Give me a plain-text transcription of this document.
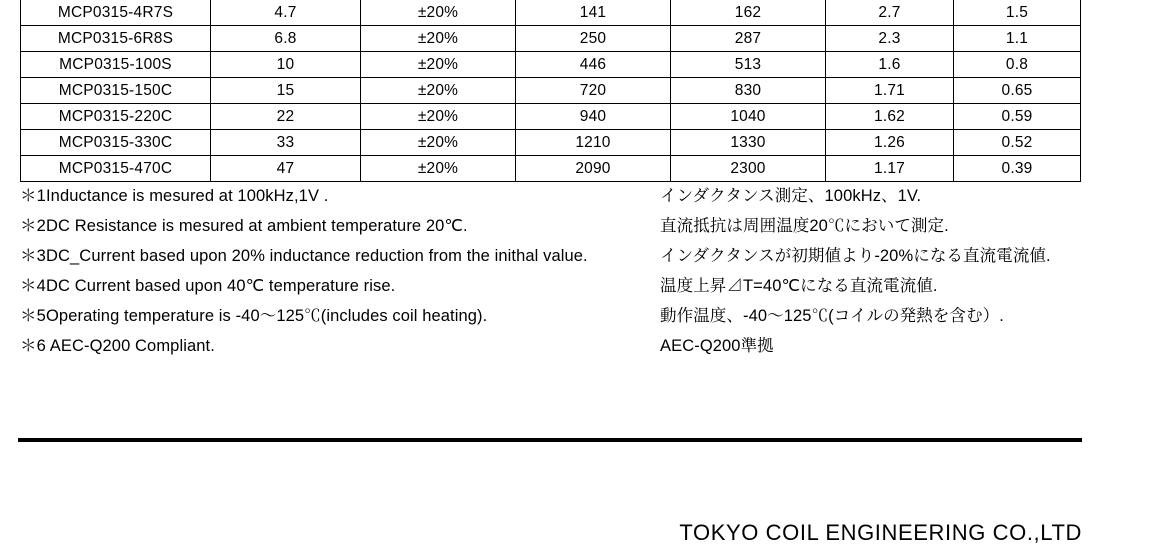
MCP0315-4R7S	4.7	±20%	141	162	2.7	1.5
MCP0315-6R8S	6.8	±20%	250	287	2.3	1.1
MCP0315-100S	10	±20%	446	513	1.6	0.8
MCP0315-150C	15	±20%	720	830	1.71	0.65
MCP0315-220C	22	±20%	940	1040	1.62	0.59
MCP0315-330C	33	±20%	1210	1330	1.26	0.52
MCP0315-470C	47	±20%	2090	2300	1.17	0.39
＊1Inductance is mesured at 100kHz,1V .	インダクタンス測定、100kHz、1V.
＊2DC Resistance is mesured at ambient temperature 20℃.	直流抵抗は周囲温度20℃において測定.
＊3DC_Current based upon 20% inductance reduction from the inithal value.	インダクタンスが初期値より-20%になる直流電流値.
＊4DC Current based upon 40℃ temperature rise.	温度上昇⊿T=40℃になる直流電流値.
＊5Operating temperature is -40～125℃(includes coil heating).	動作温度、-40～125℃(コイルの発熱を含む）.
＊6 AEC-Q200 Compliant.	AEC-Q200準拠
TOKYO COIL ENGINEERING CO.,LTD
